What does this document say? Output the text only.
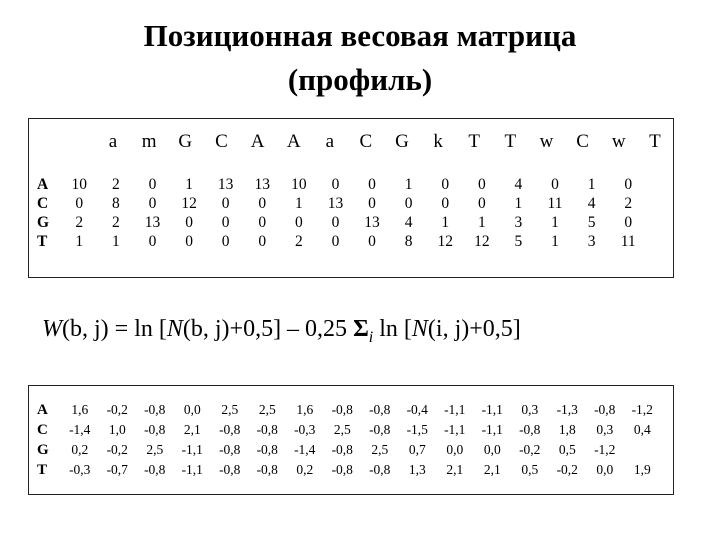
Позиционная весовая матрица
(профиль)
a	m	G	C	A	A	a	C	G	k	T	T	w	C	w	T
A	10	2	0	1	13	13	10	0	0	1	0	0	4	0	1	0
C	0	8	0	12	0	0	1	13	0	0	0	0	1	11	4	2
G	2	2	13	0	0	0	0	0	13	4	1	1	3	1	5	0
T	1	1	0	0	0	0	2	0	0	8	12	12	5	1	3	11
W(b, j) = ln [N(b, j)+0,5] – 0,25 $\Sigma_i$ ln [N(i, j)+0,5]
A	1,6	-0,2	-0,8	0,0	2,5	2,5	1,6	-0,8	-0,8	-0,4	-1,1	-1,1	0,3	-1,3	-0,8	-1,2
C	-1,4	1,0	-0,8	2,1	-0,8	-0,8	-0,3	2,5	-0,8	-1,5	-1,1	-1,1	-0,8	1,8	0,3	0,4
G	0,2	-0,2	2,5	-1,1	-0,8	-0,8	-1,4	-0,8	2,5	0,7	0,0	0,0	-0,2	0,5	-1,2	
T	-0,3	-0,7	-0,8	-1,1	-0,8	-0,8	0,2	-0,8	-0,8	1,3	2,1	2,1	0,5	-0,2	0,0	1,9
